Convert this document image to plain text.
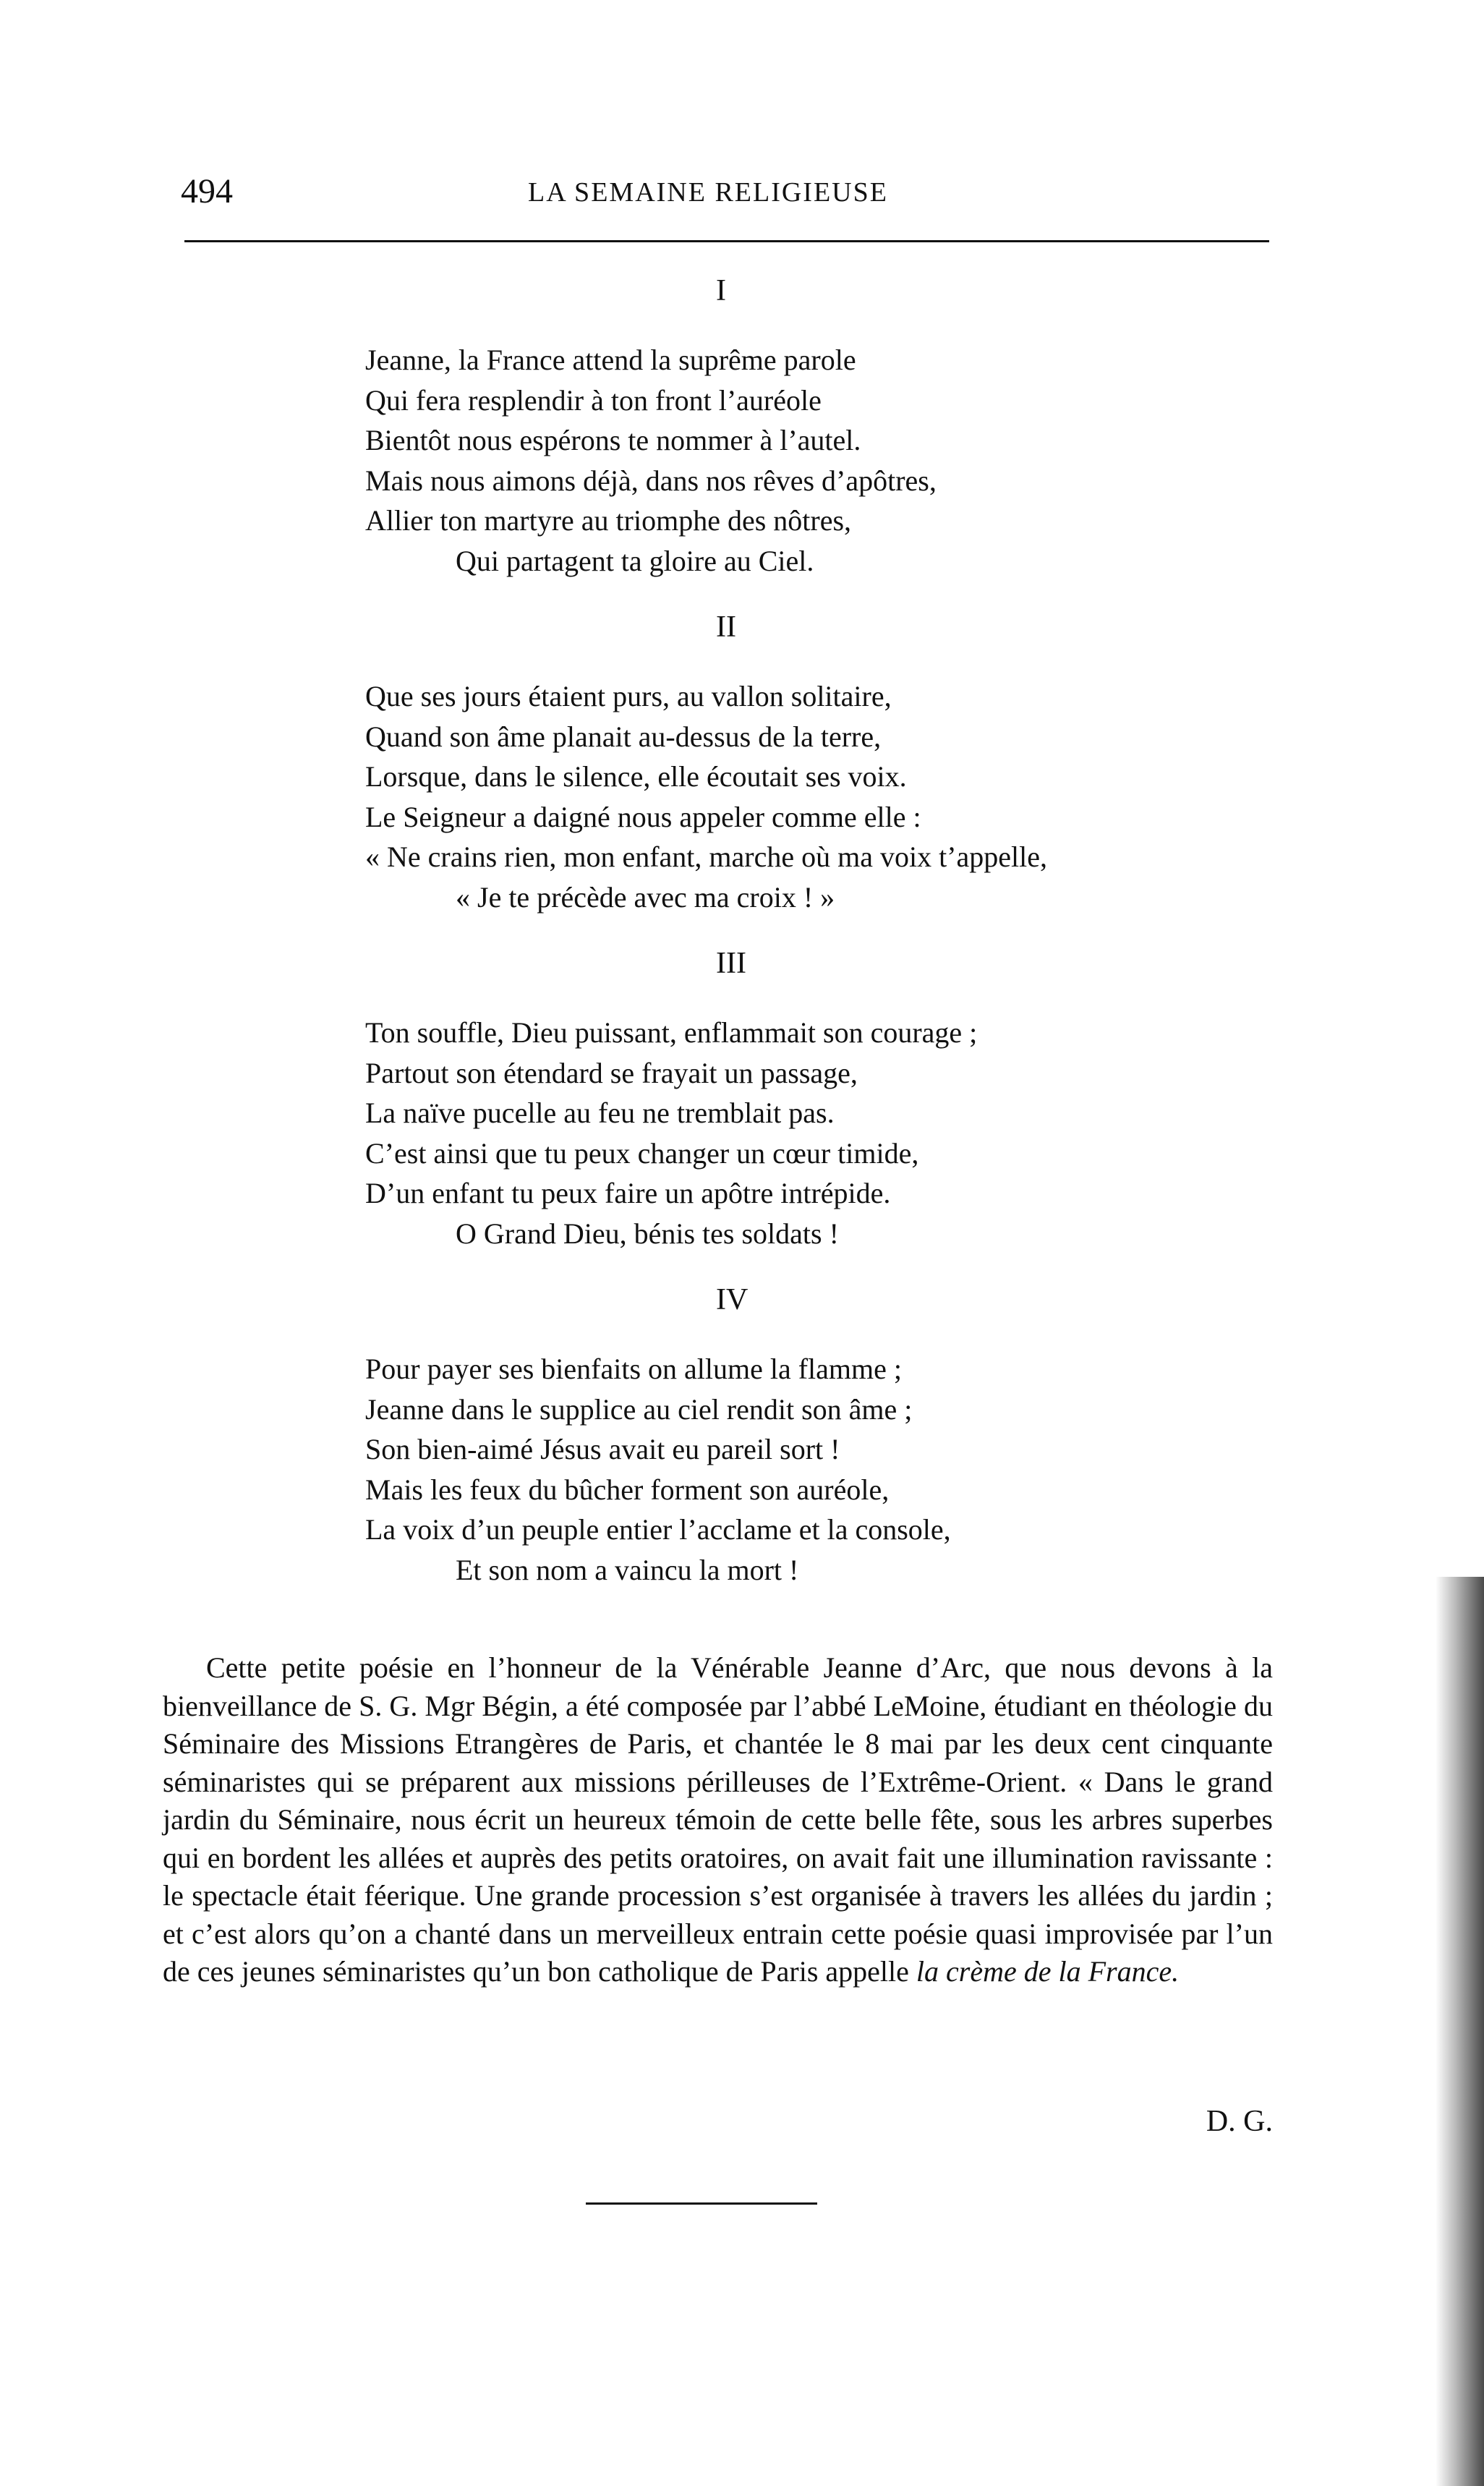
494	LA SEMAINE RELIGIEUSE
I
Jeanne, la France attend la suprême parole
Qui fera resplendir à ton front l’auréole
Bientôt nous espérons te nommer à l’autel.
Mais nous aimons déjà, dans nos rêves d’apôtres,
Allier ton martyre au triomphe des nôtres,
Qui partagent ta gloire au Ciel.
II
Que ses jours étaient purs, au vallon solitaire,
Quand son âme planait au-dessus de la terre,
Lorsque, dans le silence, elle écoutait ses voix.
Le Seigneur a daigné nous appeler comme elle :
« Ne crains rien, mon enfant, marche où ma voix t’appelle,
« Je te précède avec ma croix ! »
III
Ton souffle, Dieu puissant, enflammait son courage ;
Partout son étendard se frayait un passage,
La naïve pucelle au feu ne tremblait pas.
C’est ainsi que tu peux changer un cœur timide,
D’un enfant tu peux faire un apôtre intrépide.
O Grand Dieu, bénis tes soldats !
IV
Pour payer ses bienfaits on allume la flamme ;
Jeanne dans le supplice au ciel rendit son âme ;
Son bien-aimé Jésus avait eu pareil sort !
Mais les feux du bûcher forment son auréole,
La voix d’un peuple entier l’acclame et la console,
Et son nom a vaincu la mort !

Cette petite poésie en l’honneur de la Vénérable Jeanne d’Arc, que nous devons à la bienveillance de S. G. Mgr Bégin, a été composée par l’abbé LeMoine, étudiant en théologie du Séminaire des Missions Etrangères de Paris, et chantée le 8 mai par les deux cent cinquante séminaristes qui se préparent aux missions périlleuses de l’Extrême-Orient. « Dans le grand jardin du Séminaire, nous écrit un heureux témoin de cette belle fête, sous les arbres superbes qui en bordent les allées et auprès des petits oratoires, on avait fait une illumination ravissante : le spectacle était féerique. Une grande procession s’est organisée à travers les allées du jardin ; et c’est alors qu’on a chanté dans un merveilleux entrain cette poésie quasi improvisée par l’un de ces jeunes séminaristes qu’un bon catholique de Paris appelle la crème de la France.

D. G.
